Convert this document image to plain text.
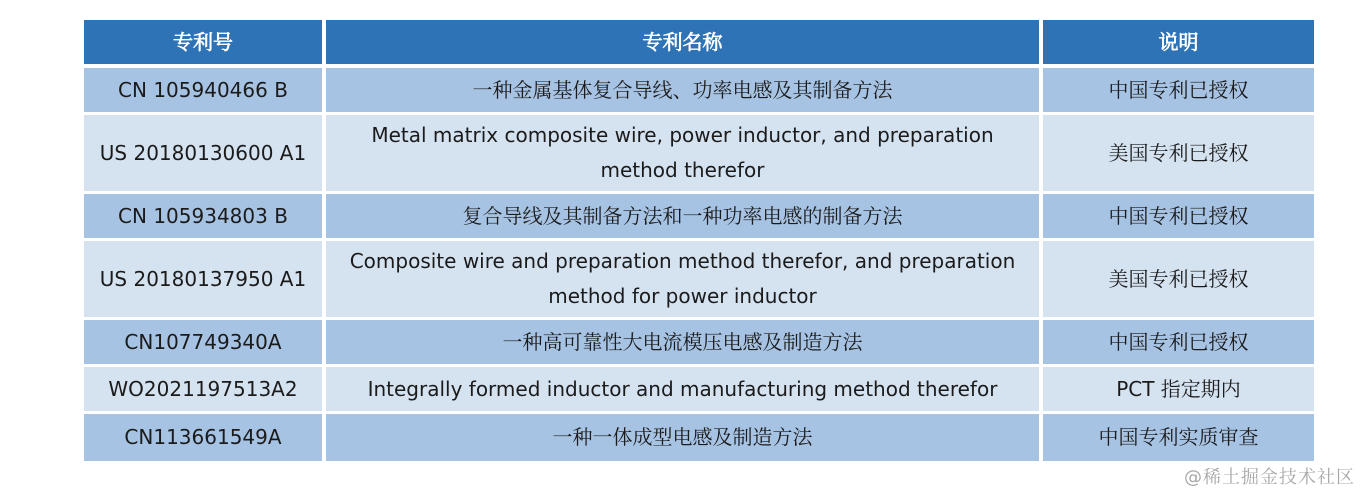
专利号	专利名称	说明
CN 105940466 B	一种金属基体复合导线、功率电感及其制备方法	中国专利已授权
US 20180130600 A1	Metal matrix composite wire, power inductor, and preparation method therefor	美国专利已授权
CN 105934803 B	复合导线及其制备方法和一种功率电感的制备方法	中国专利已授权
US 20180137950 A1	Composite wire and preparation method therefor, and preparation method for power inductor	美国专利已授权
CN107749340A	一种高可靠性大电流模压电感及制造方法	中国专利已授权
WO2021197513A2	Integrally formed inductor and manufacturing method therefor	PCT 指定期内
CN113661549A	一种一体成型电感及制造方法	中国专利实质审查
@稀土掘金技术社区
